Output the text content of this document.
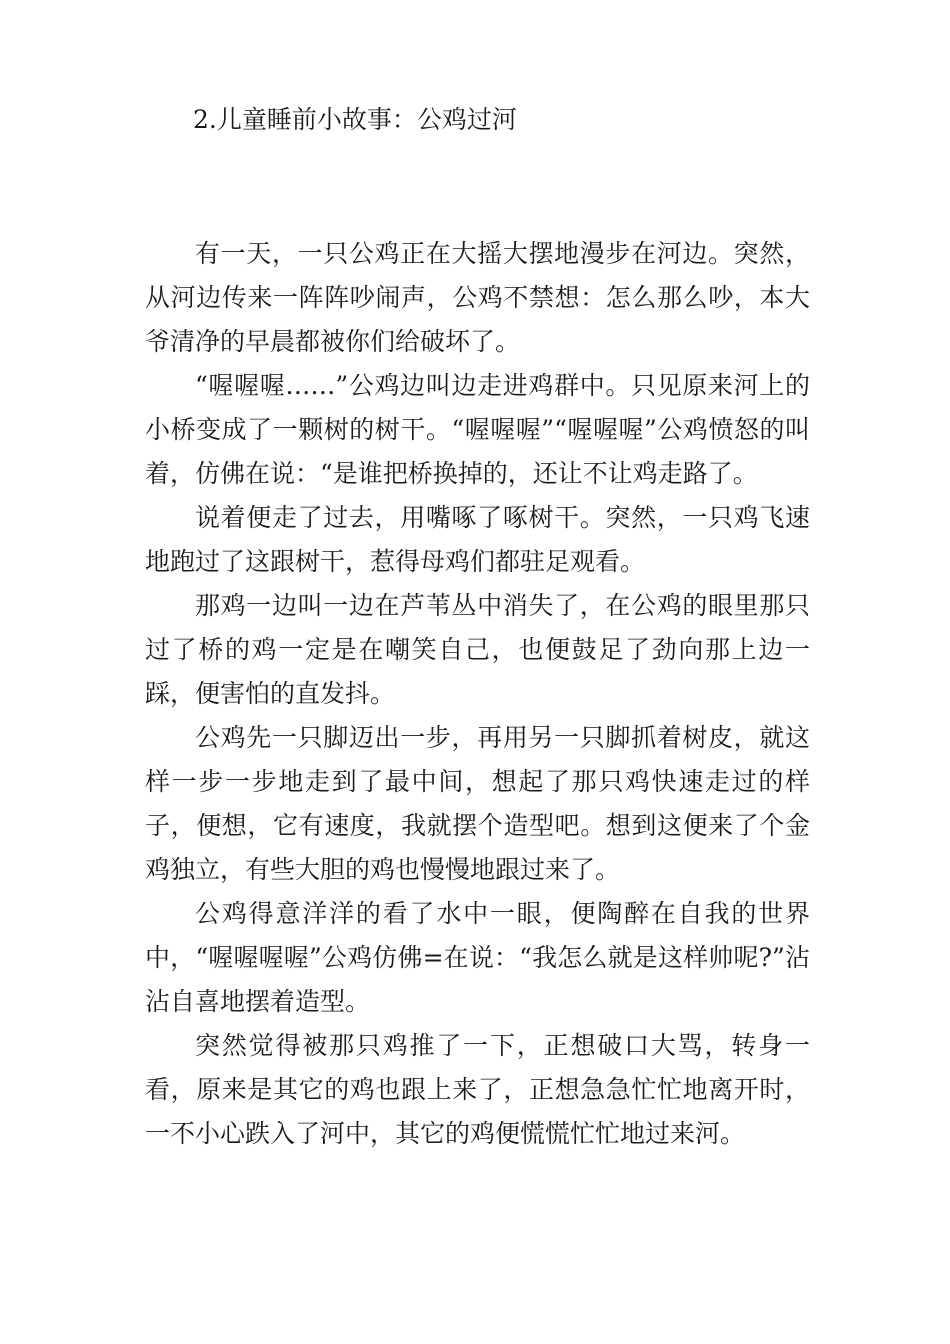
2.儿童睡前小故事：公鸡过河

有一天，一只公鸡正在大摇大摆地漫步在河边。突然，从河边传来一阵阵吵闹声，公鸡不禁想：怎么那么吵，本大爷清净的早晨都被你们给破坏了。

“喔喔喔……”公鸡边叫边走进鸡群中。只见原来河上的小桥变成了一颗树的树干。“喔喔喔”“喔喔喔”公鸡愤怒的叫着，仿佛在说：“是谁把桥换掉的，还让不让鸡走路了。

说着便走了过去，用嘴啄了啄树干。突然，一只鸡飞速地跑过了这跟树干，惹得母鸡们都驻足观看。

那鸡一边叫一边在芦苇丛中消失了，在公鸡的眼里那只过了桥的鸡一定是在嘲笑自己，也便鼓足了劲向那上边一踩，便害怕的直发抖。

公鸡先一只脚迈出一步，再用另一只脚抓着树皮，就这样一步一步地走到了最中间，想起了那只鸡快速走过的样子，便想，它有速度，我就摆个造型吧。想到这便来了个金鸡独立，有些大胆的鸡也慢慢地跟过来了。

公鸡得意洋洋的看了水中一眼，便陶醉在自我的世界中，“喔喔喔喔”公鸡仿佛=在说：“我怎么就是这样帅呢?”沾沾自喜地摆着造型。

突然觉得被那只鸡推了一下，正想破口大骂，转身一看，原来是其它的鸡也跟上来了，正想急急忙忙地离开时，一不小心跌入了河中，其它的鸡便慌慌忙忙地过来河。
